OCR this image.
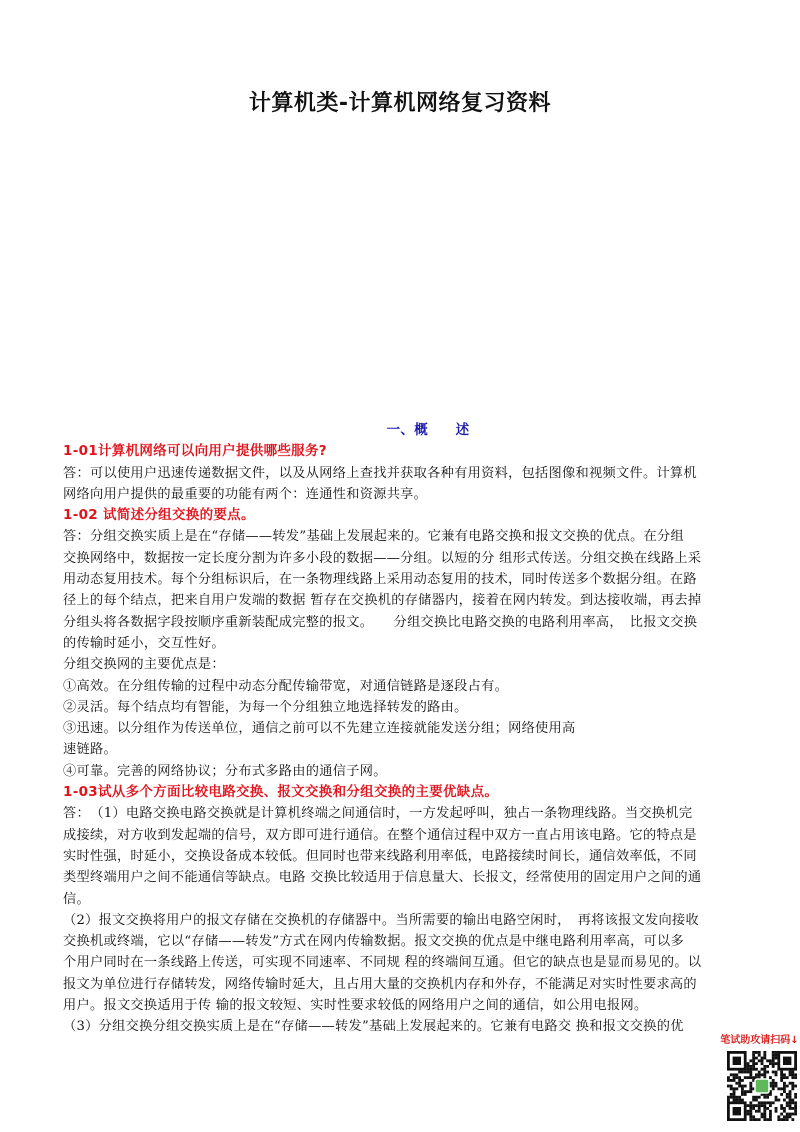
计算机类-计算机网络复习资料
一、概　　述
1-01计算机网络可以向用户提供哪些服务?

答：可以使用户迅速传递数据文件，以及从网络上查找并获取各种有用资料，包括图像和视频文件。计算机

网络向用户提供的最重要的功能有两个：连通性和资源共享。

1-02 试简述分组交换的要点。

答：分组交换实质上是在“存储——转发”基础上发展起来的。它兼有电路交换和报文交换的优点。在分组

交换网络中，数据按一定长度分割为许多小段的数据——分组。以短的分 组形式传送。分组交换在线路上采

用动态复用技术。每个分组标识后，在一条物理线路上采用动态复用的技术，同时传送多个数据分组。在路

径上的每个结点，把来自用户发端的数据 暂存在交换机的存储器内，接着在网内转发。到达接收端，再去掉

分组头将各数据字段按顺序重新装配成完整的报文。　　分组交换比电路交换的电路利用率高，　比报文交换

的传输时延小，交互性好。

分组交换网的主要优点是：

①高效。在分组传输的过程中动态分配传输带宽，对通信链路是逐段占有。

②灵活。每个结点均有智能，为每一个分组独立地选择转发的路由。

③迅速。以分组作为传送单位，通信之前可以不先建立连接就能发送分组；网络使用高

速链路。

④可靠。完善的网络协议；分布式多路由的通信子网。

1-03试从多个方面比较电路交换、报文交换和分组交换的主要优缺点。

答：　（1）电路交换电路交换就是计算机终端之间通信时，一方发起呼叫，独占一条物理线路。当交换机完

成接续，对方收到发起端的信号，双方即可进行通信。在整个通信过程中双方一直占用该电路。它的特点是

实时性强，时延小，交换设备成本较低。但同时也带来线路利用率低，电路接续时间长，通信效率低，不同

类型终端用户之间不能通信等缺点。电路 交换比较适用于信息量大、长报文，经常使用的固定用户之间的通

信。

（2）报文交换将用户的报文存储在交换机的存储器中。当所需要的输出电路空闲时，　再将该报文发向接收

交换机或终端，它以“存储——转发”方式在网内传输数据。报文交换的优点是中继电路利用率高，可以多

个用户同时在一条线路上传送，可实现不同速率、不同规 程的终端间互通。但它的缺点也是显而易见的。以

报文为单位进行存储转发，网络传输时延大，且占用大量的交换机内存和外存，不能满足对实时性要求高的

用户。报文交换适用于传 输的报文较短、实时性要求较低的网络用户之间的通信，如公用电报网。

（3）分组交换分组交换实质上是在“存储——转发”基础上发展起来的。它兼有电路交 换和报文交换的优

笔试助攻请扫码↓
